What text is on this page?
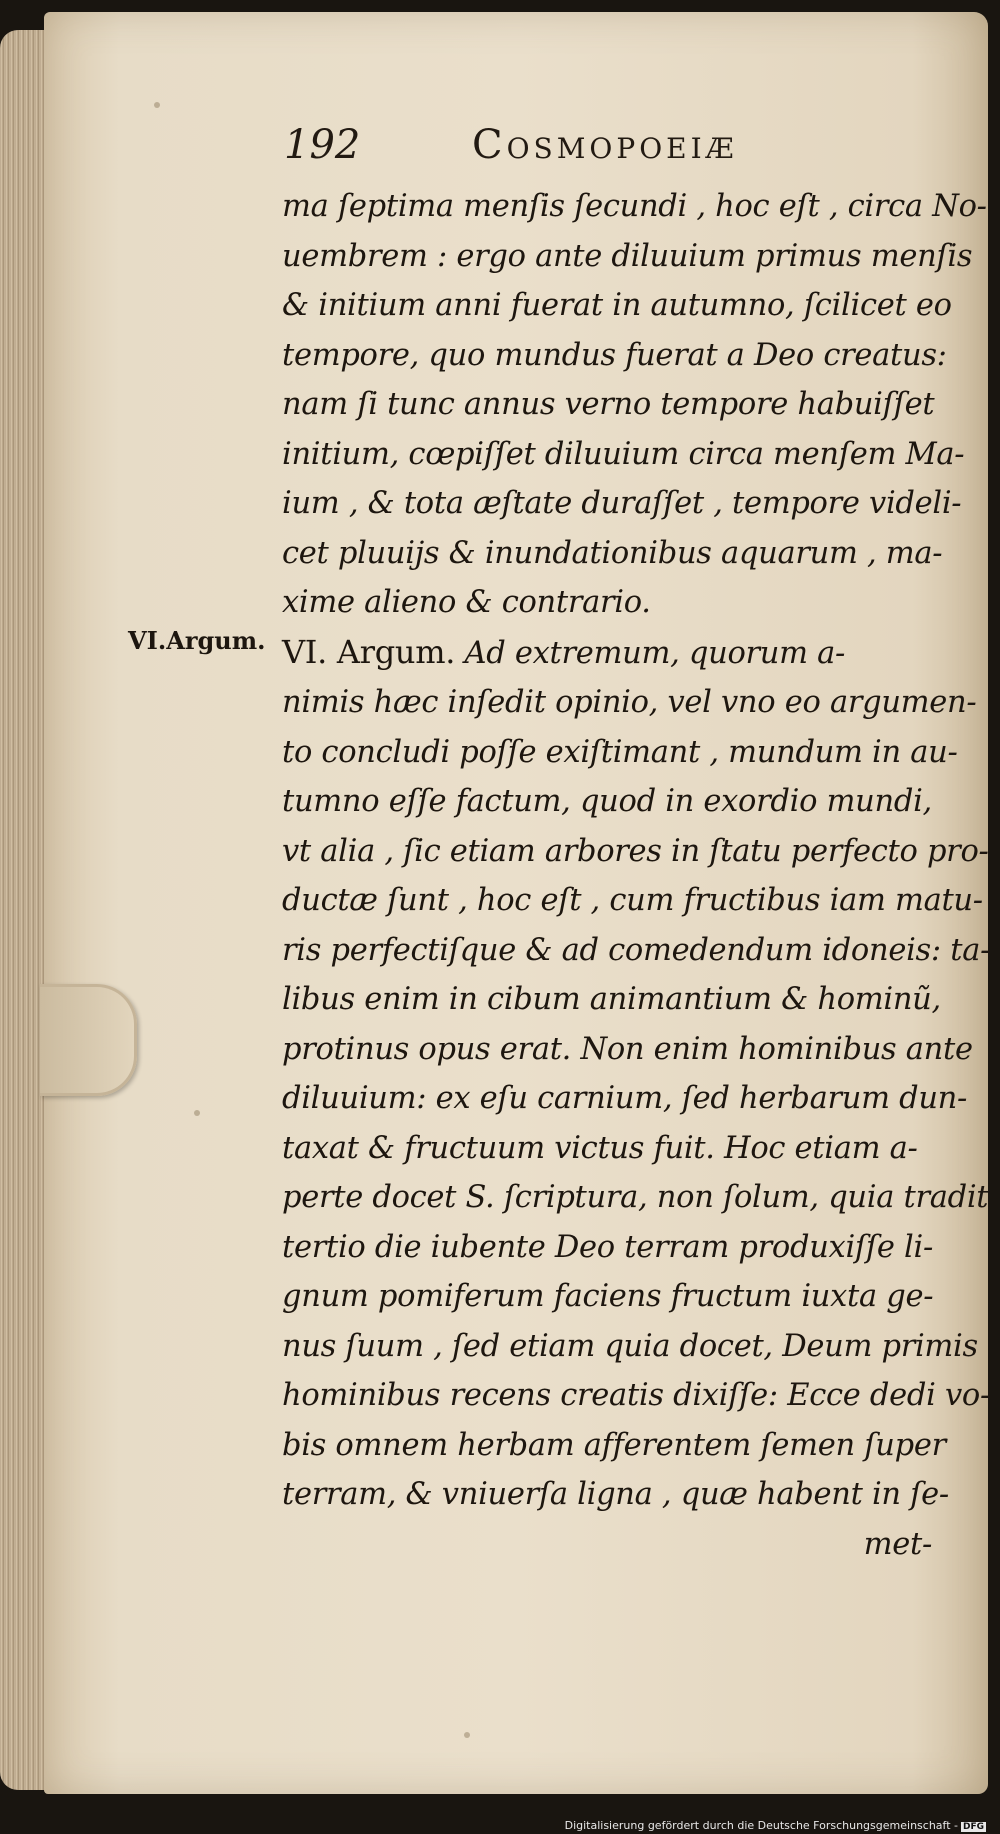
192	Cosmopoeiæ
VI.Argum.
ma ſeptima menſis ſecundi , hoc eſt , circa No-
uembrem : ergo ante diluuium primus menſis
& initium anni fuerat in autumno, ſcilicet eo
tempore, quo mundus fuerat a Deo creatus:
nam ſi tunc annus verno tempore habuiſſet
initium, cœpiſſet diluuium circa menſem Ma-
ium , & tota æſtate duraſſet , tempore videli-
cet pluuijs & inundationibus aquarum , ma-
xime alieno & contrario.
VI. Argum. Ad extremum, quorum a-
nimis hæc inſedit opinio, vel vno eo argumen-
to concludi poſſe exiſtimant , mundum in au-
tumno eſſe factum, quod in exordio mundi,
vt alia , ſic etiam arbores in ſtatu perfecto pro-
ductæ ſunt , hoc eſt , cum fructibus iam matu-
ris perfectiſque & ad comedendum idoneis: ta-
libus enim in cibum animantium & hominũ,
protinus opus erat. Non enim hominibus ante
diluuium: ex eſu carnium, ſed herbarum dun-
taxat & fructuum victus fuit. Hoc etiam a-
perte docet S. ſcriptura, non ſolum, quia tradit
tertio die iubente Deo terram produxiſſe li-
gnum pomiferum faciens fructum iuxta ge-
nus ſuum , ſed etiam quia docet, Deum primis
hominibus recens creatis dixiſſe: Ecce dedi vo-
bis omnem herbam afferentem ſemen ſuper
terram, & vniuerſa ligna , quæ habent in ſe-
met-
Digitalisierung gefördert durch die Deutsche Forschungsgemeinschaft - DFG
